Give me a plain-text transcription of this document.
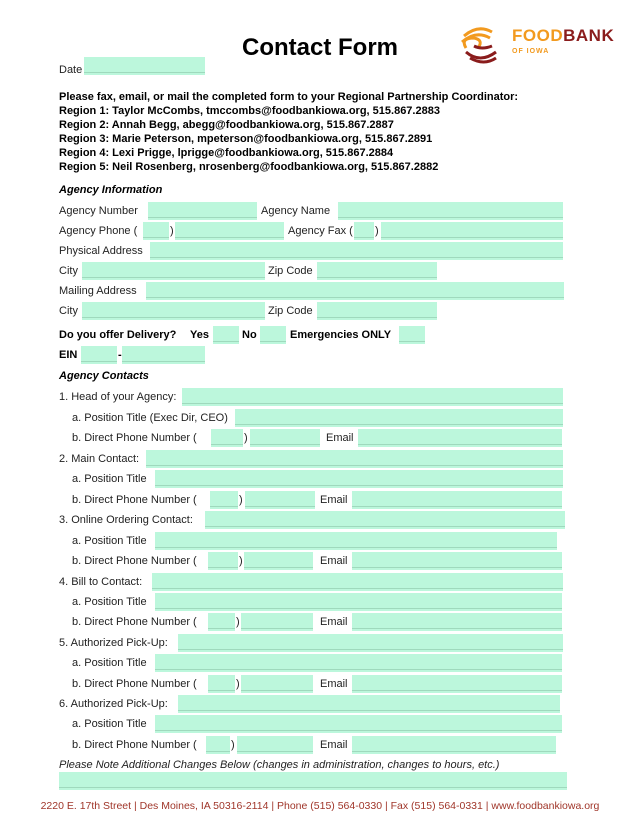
Contact Form	FOODBANK
OF IOWA
Date
Please fax, email, or mail the completed form to your Regional Partnership Coordinator:
Region 1: Taylor McCombs, tmccombs@foodbankiowa.org, 515.867.2883
Region 2: Annah Begg, abegg@foodbankiowa.org, 515.867.2887
Region 3: Marie Peterson, mpeterson@foodbankiowa.org, 515.867.2891
Region 4: Lexi Prigge, lprigge@foodbankiowa.org, 515.867.2884
Region 5: Neil Rosenberg, nrosenberg@foodbankiowa.org, 515.867.2882
Agency Information
Agency Number	Agency Name
Agency Phone (	)	Agency Fax ( )
Physical Address
City	Zip Code
Mailing Address
City	Zip Code
Do you offer Delivery? Yes	No	Emergencies ONLY
EIN	-
Agency Contacts
1. Head of your Agency:
a. Position Title (Exec Dir, CEO)
b. Direct Phone Number (	)	Email
2. Main Contact:
a. Position Title
b. Direct Phone Number (	)	Email
3. Online Ordering Contact:
a. Position Title
b. Direct Phone Number (	)	Email
4. Bill to Contact:
a. Position Title
b. Direct Phone Number (	)	Email
5. Authorized Pick-Up:
a. Position Title
b. Direct Phone Number (	)	Email
6. Authorized Pick-Up:
a. Position Title
b. Direct Phone Number (	)	Email
Please Note Additional Changes Below (changes in administration, changes to hours, etc.)
2220 E. 17th Street | Des Moines, IA 50316-2114 | Phone (515) 564-0330 | Fax (515) 564-0331 | www.foodbankiowa.org
